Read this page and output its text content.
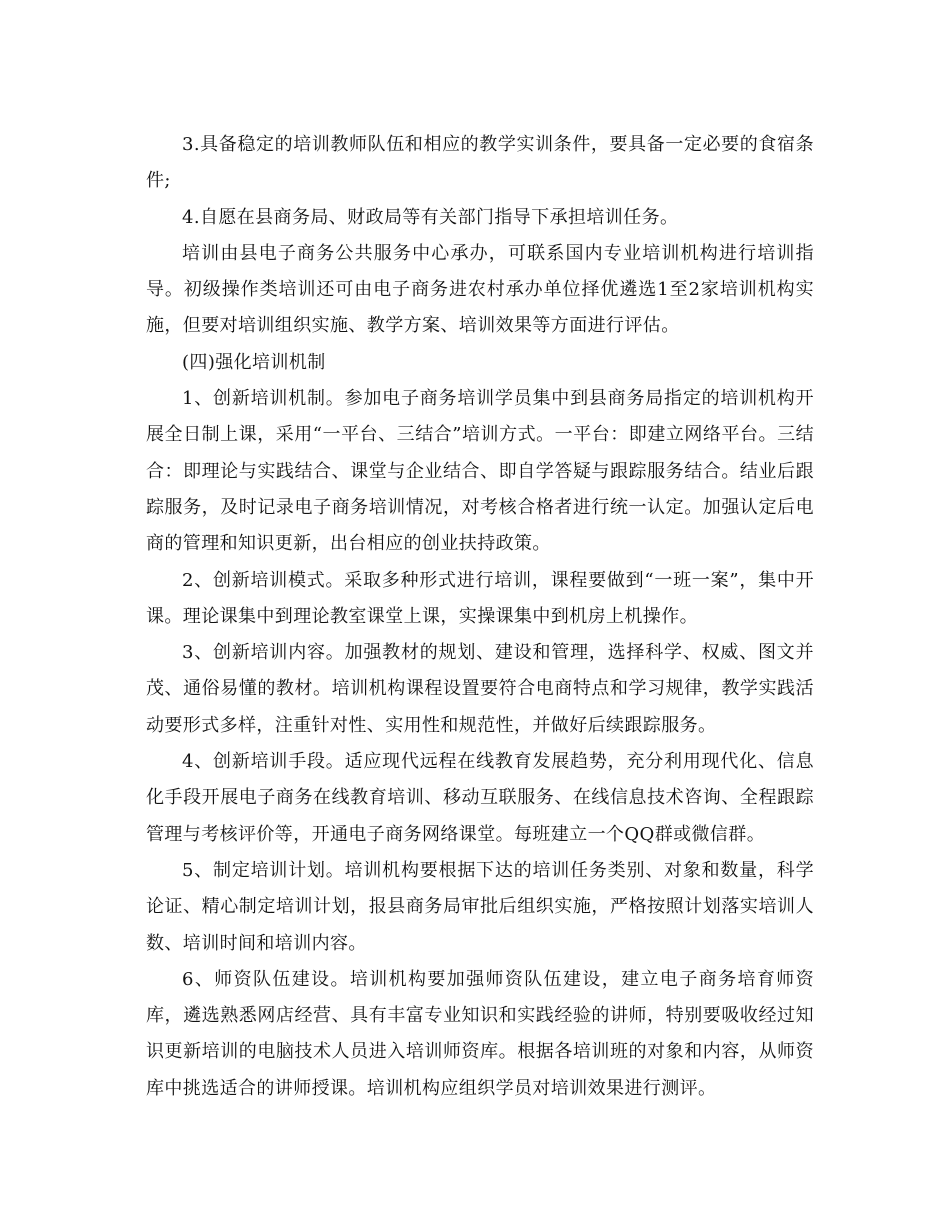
3.具备稳定的培训教师队伍和相应的教学实训条件，要具备一定必要的食宿条件;

4.自愿在县商务局、财政局等有关部门指导下承担培训任务。

培训由县电子商务公共服务中心承办，可联系国内专业培训机构进行培训指导。初级操作类培训还可由电子商务进农村承办单位择优遴选1至2家培训机构实施，但要对培训组织实施、教学方案、培训效果等方面进行评估。

(四)强化培训机制

1、创新培训机制。参加电子商务培训学员集中到县商务局指定的培训机构开展全日制上课，采用“一平台、三结合”培训方式。一平台：即建立网络平台。三结合：即理论与实践结合、课堂与企业结合、即自学答疑与跟踪服务结合。结业后跟踪服务，及时记录电子商务培训情况，对考核合格者进行统一认定。加强认定后电商的管理和知识更新，出台相应的创业扶持政策。

2、创新培训模式。采取多种形式进行培训，课程要做到“一班一案”，集中开课。理论课集中到理论教室课堂上课，实操课集中到机房上机操作。

3、创新培训内容。加强教材的规划、建设和管理，选择科学、权威、图文并茂、通俗易懂的教材。培训机构课程设置要符合电商特点和学习规律，教学实践活动要形式多样，注重针对性、实用性和规范性，并做好后续跟踪服务。

4、创新培训手段。适应现代远程在线教育发展趋势，充分利用现代化、信息化手段开展电子商务在线教育培训、移动互联服务、在线信息技术咨询、全程跟踪管理与考核评价等，开通电子商务网络课堂。每班建立一个QQ群或微信群。

5、制定培训计划。培训机构要根据下达的培训任务类别、对象和数量，科学论证、精心制定培训计划，报县商务局审批后组织实施，严格按照计划落实培训人数、培训时间和培训内容。

6、师资队伍建设。培训机构要加强师资队伍建设，建立电子商务培育师资库，遴选熟悉网店经营、具有丰富专业知识和实践经验的讲师，特别要吸收经过知识更新培训的电脑技术人员进入培训师资库。根据各培训班的对象和内容，从师资库中挑选适合的讲师授课。培训机构应组织学员对培训效果进行测评。
